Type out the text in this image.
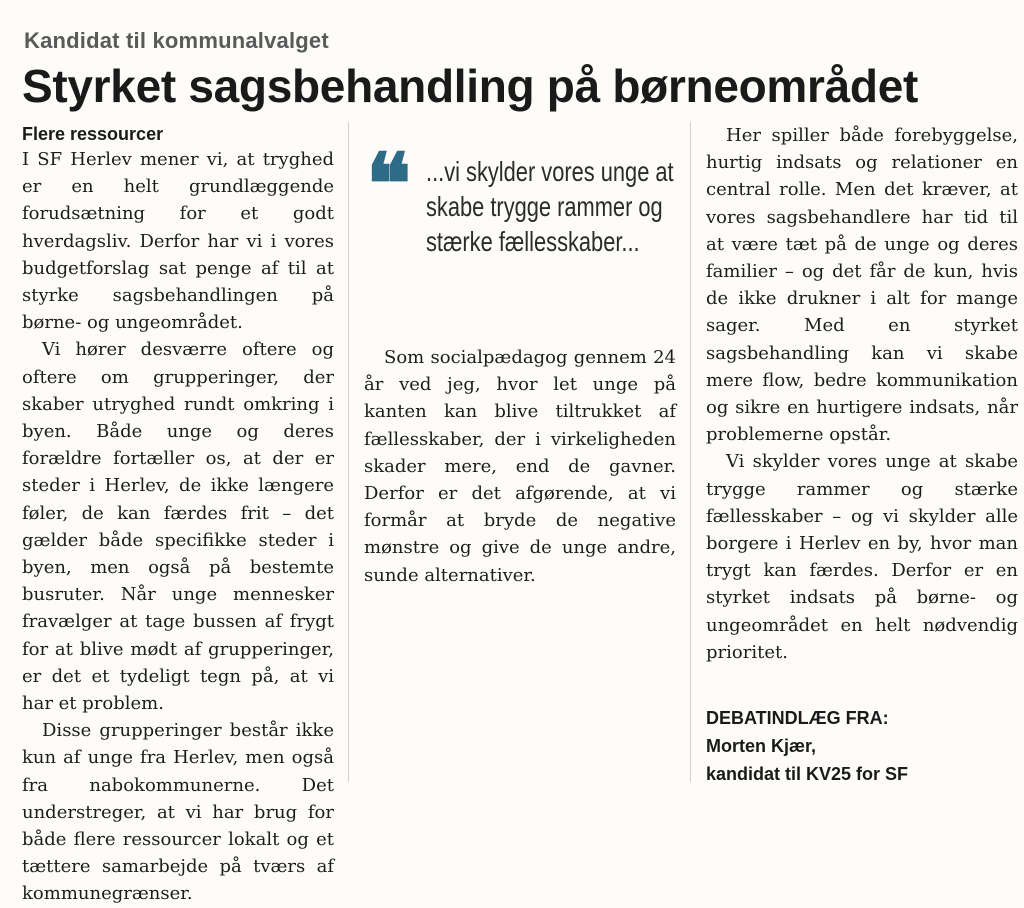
Kandidat til kommunalvalget
Styrket sagsbehandling på børneområdet
Flere ressourcer

I SF Herlev mener vi, at tryghed er en helt grundlæggende forudsætning for et godt hverdagsliv. Derfor har vi i vores budgetforslag sat penge af til at styrke sagsbehandlingen på børne- og ungeområdet.

Vi hører desværre oftere og oftere om grupperinger, der skaber utryghed rundt omkring i byen. Både unge og deres forældre fortæller os, at der er steder i Herlev, de ikke længere føler, de kan færdes frit – det gælder både specifikke steder i byen, men også på bestemte busruter. Når unge mennesker fravælger at tage bussen af frygt for at blive mødt af grupperinger, er det et tydeligt tegn på, at vi har et problem.

Disse grupperinger består ikke kun af unge fra Herlev, men også fra nabokommunerne. Det understreger, at vi har brug for både flere ressourcer lokalt og et tættere samarbejde på tværs af kommunegrænser.

❝ ...vi skylder vores unge at skabe trygge rammer og stærke fællesskaber...

Som socialpædagog gennem 24 år ved jeg, hvor let unge på kanten kan blive tiltrukket af fællesskaber, der i virkeligheden skader mere, end de gavner. Derfor er det afgørende, at vi formår at bryde de negative mønstre og give de unge andre, sunde alternativer.

Her spiller både forebyggelse, hurtig indsats og relationer en central rolle. Men det kræver, at vores sagsbehandlere har tid til at være tæt på de unge og deres familier – og det får de kun, hvis de ikke drukner i alt for mange sager. Med en styrket sagsbehandling kan vi skabe mere flow, bedre kommunikation og sikre en hurtigere indsats, når problemerne opstår.

Vi skylder vores unge at skabe trygge rammer og stærke fællesskaber – og vi skylder alle borgere i Herlev en by, hvor man trygt kan færdes. Derfor er en styrket indsats på børne- og ungeområdet en helt nødvendig prioritet.

DEBATINDLÆG FRA:
Morten Kjær,
kandidat til KV25 for SF
